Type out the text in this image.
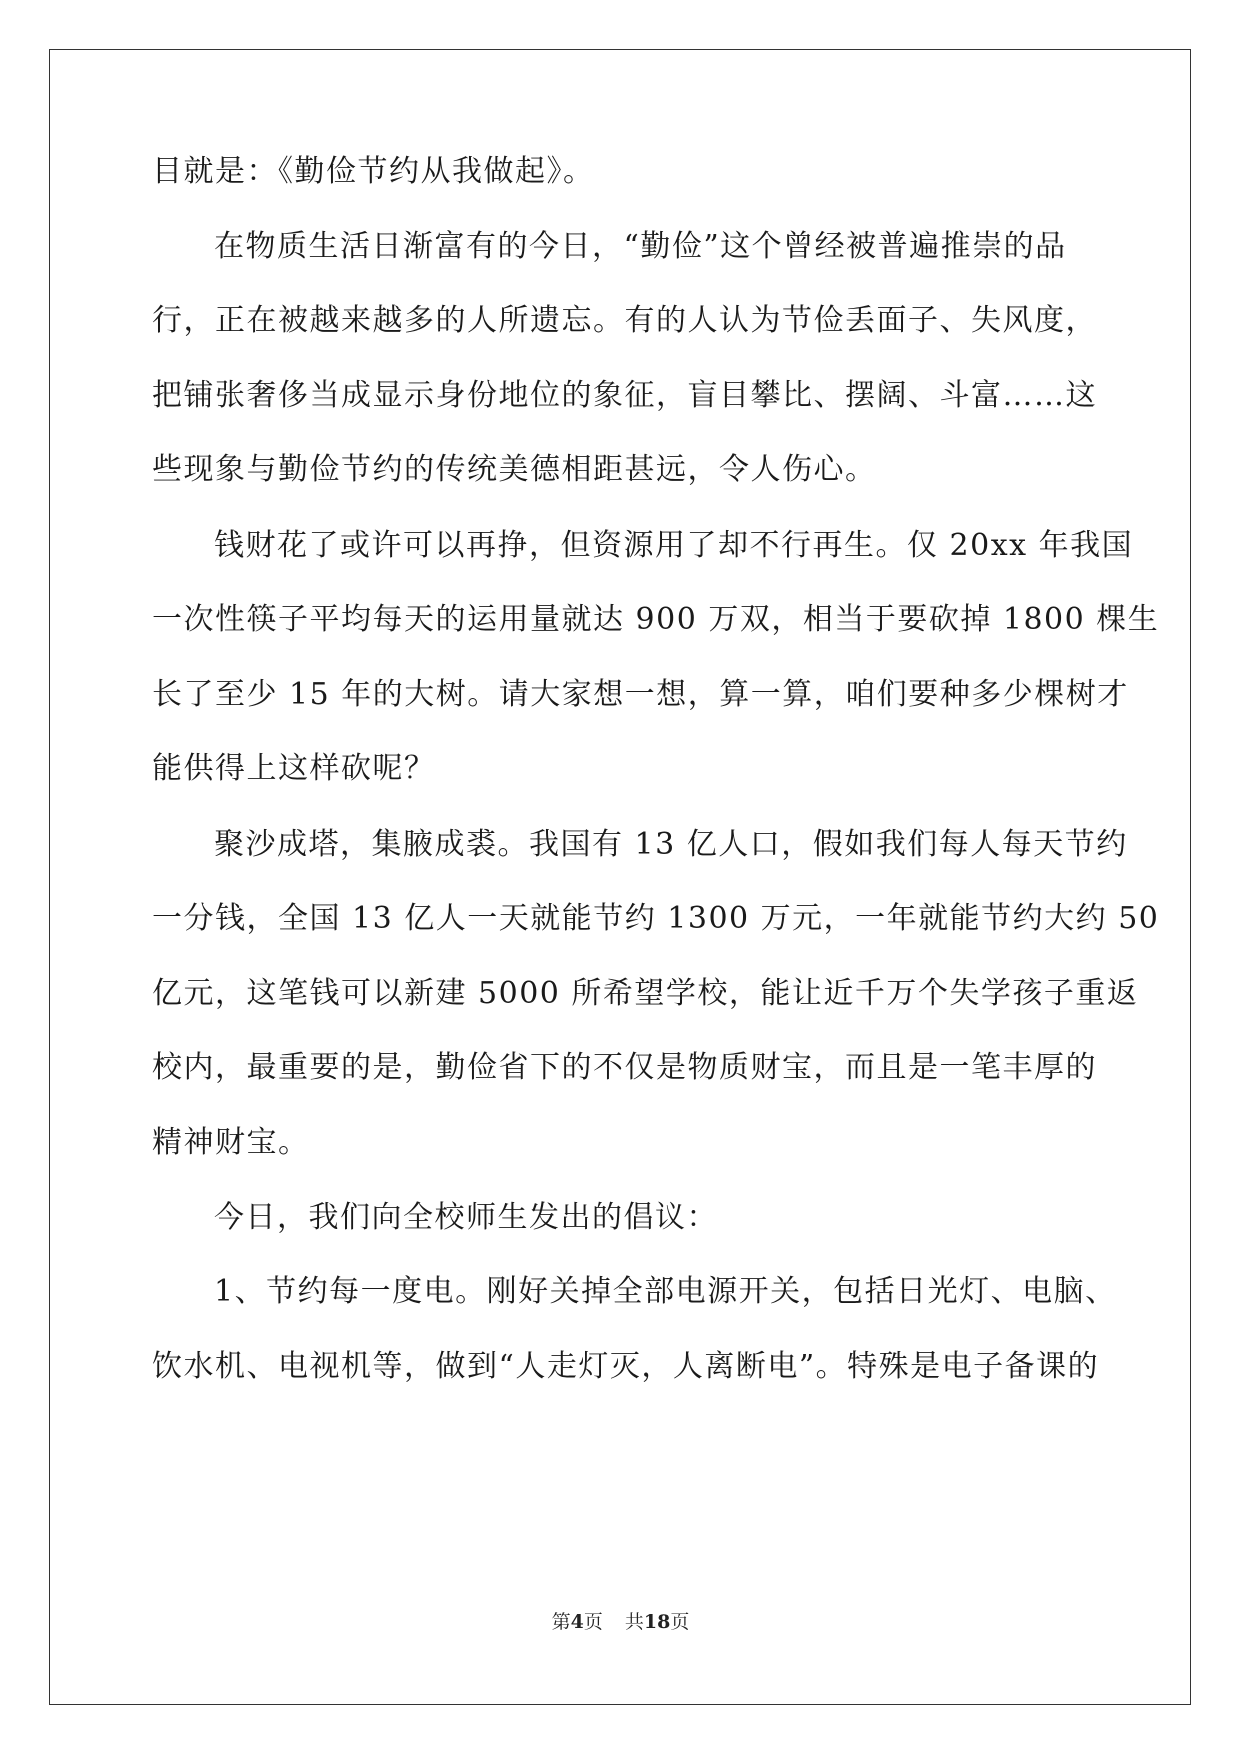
目就是：《勤俭节约从我做起》。
在物质生活日渐富有的今日，“勤俭”这个曾经被普遍推崇的品
行，正在被越来越多的人所遗忘。有的人认为节俭丢面子、失风度，
把铺张奢侈当成显示身份地位的象征，盲目攀比、摆阔、斗富……这
些现象与勤俭节约的传统美德相距甚远，令人伤心。
钱财花了或许可以再挣，但资源用了却不行再生。仅 20xx 年我国
一次性筷子平均每天的运用量就达 900 万双，相当于要砍掉 1800 棵生
长了至少 15 年的大树。请大家想一想，算一算，咱们要种多少棵树才
能供得上这样砍呢？
聚沙成塔，集腋成裘。我国有 13 亿人口，假如我们每人每天节约
一分钱，全国 13 亿人一天就能节约 1300 万元，一年就能节约大约 50
亿元，这笔钱可以新建 5000 所希望学校，能让近千万个失学孩子重返
校内，最重要的是，勤俭省下的不仅是物质财宝，而且是一笔丰厚的
精神财宝。
今日，我们向全校师生发出的倡议：
1、节约每一度电。刚好关掉全部电源开关，包括日光灯、电脑、
饮水机、电视机等，做到“人走灯灭，人离断电”。特殊是电子备课的
第4页 共18页
